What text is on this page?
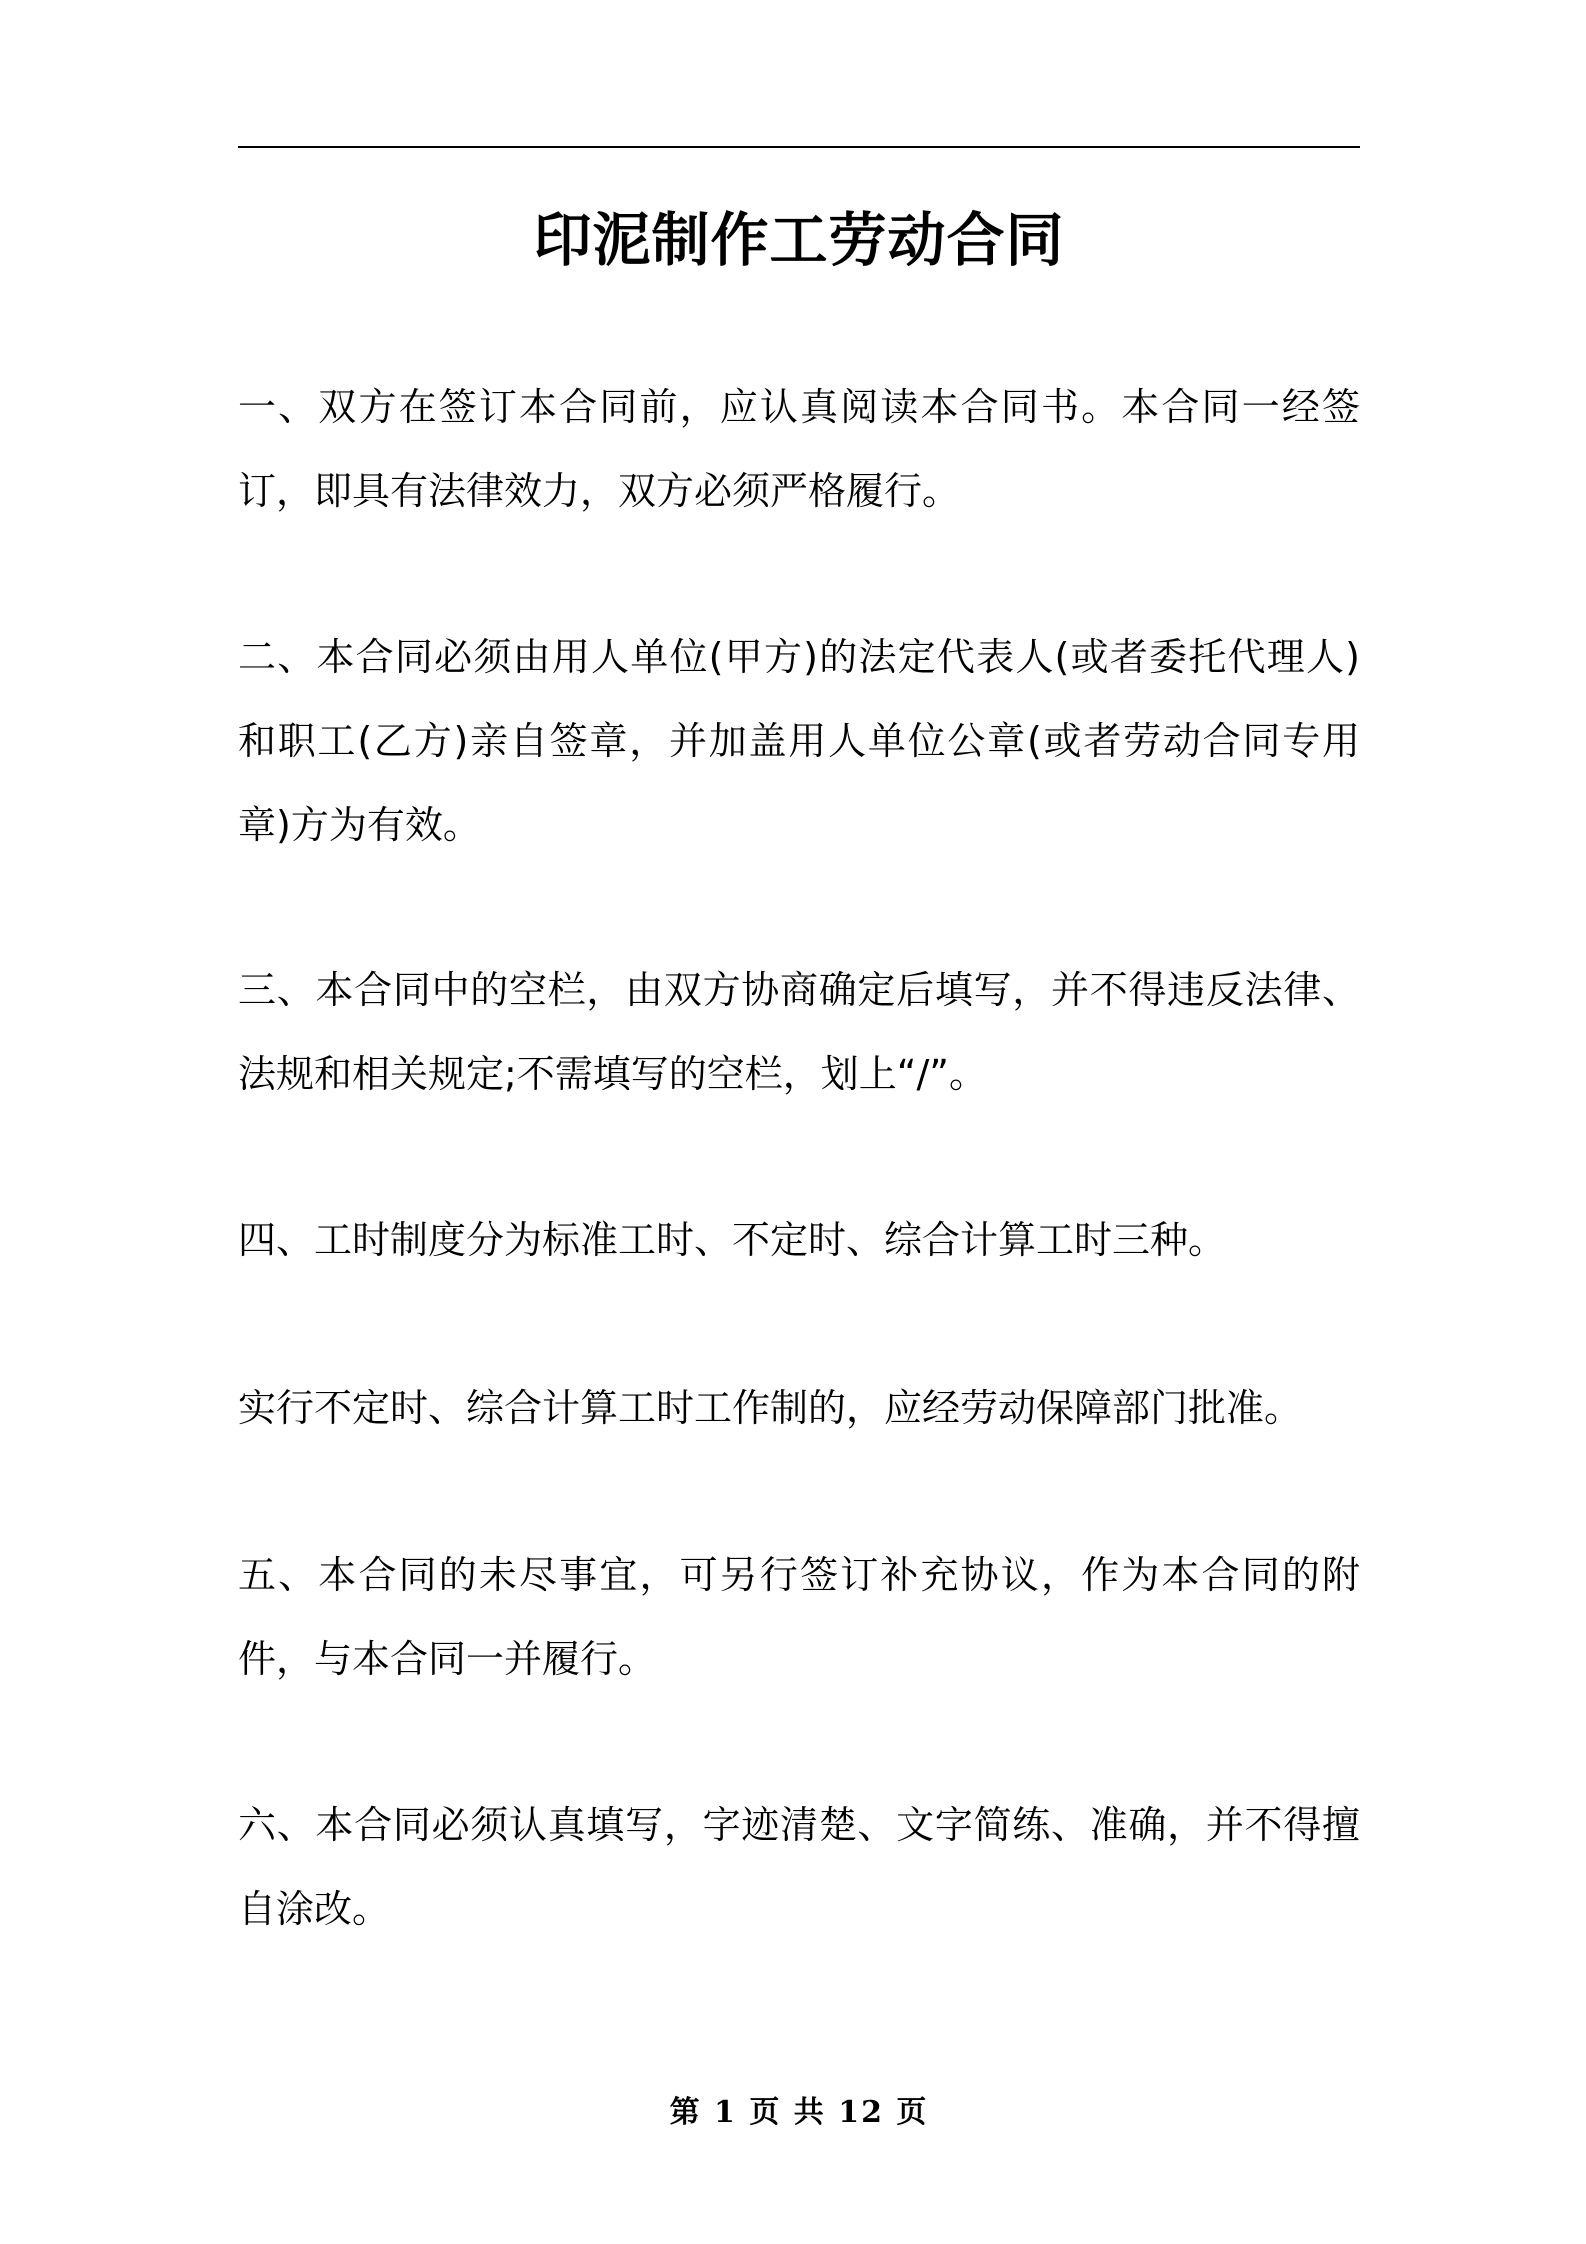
印泥制作工劳动合同

一、双方在签订本合同前，应认真阅读本合同书。本合同一经签订，即具有法律效力，双方必须严格履行。

二、本合同必须由用人单位(甲方)的法定代表人(或者委托代理人)和职工(乙方)亲自签章，并加盖用人单位公章(或者劳动合同专用章)方为有效。

三、本合同中的空栏，由双方协商确定后填写，并不得违反法律、法规和相关规定;不需填写的空栏，划上“/”。

四、工时制度分为标准工时、不定时、综合计算工时三种。

实行不定时、综合计算工时工作制的，应经劳动保障部门批准。

五、本合同的未尽事宜，可另行签订补充协议，作为本合同的附件，与本合同一并履行。

六、本合同必须认真填写，字迹清楚、文字简练、准确，并不得擅自涂改。

第 1 页 共 12 页
